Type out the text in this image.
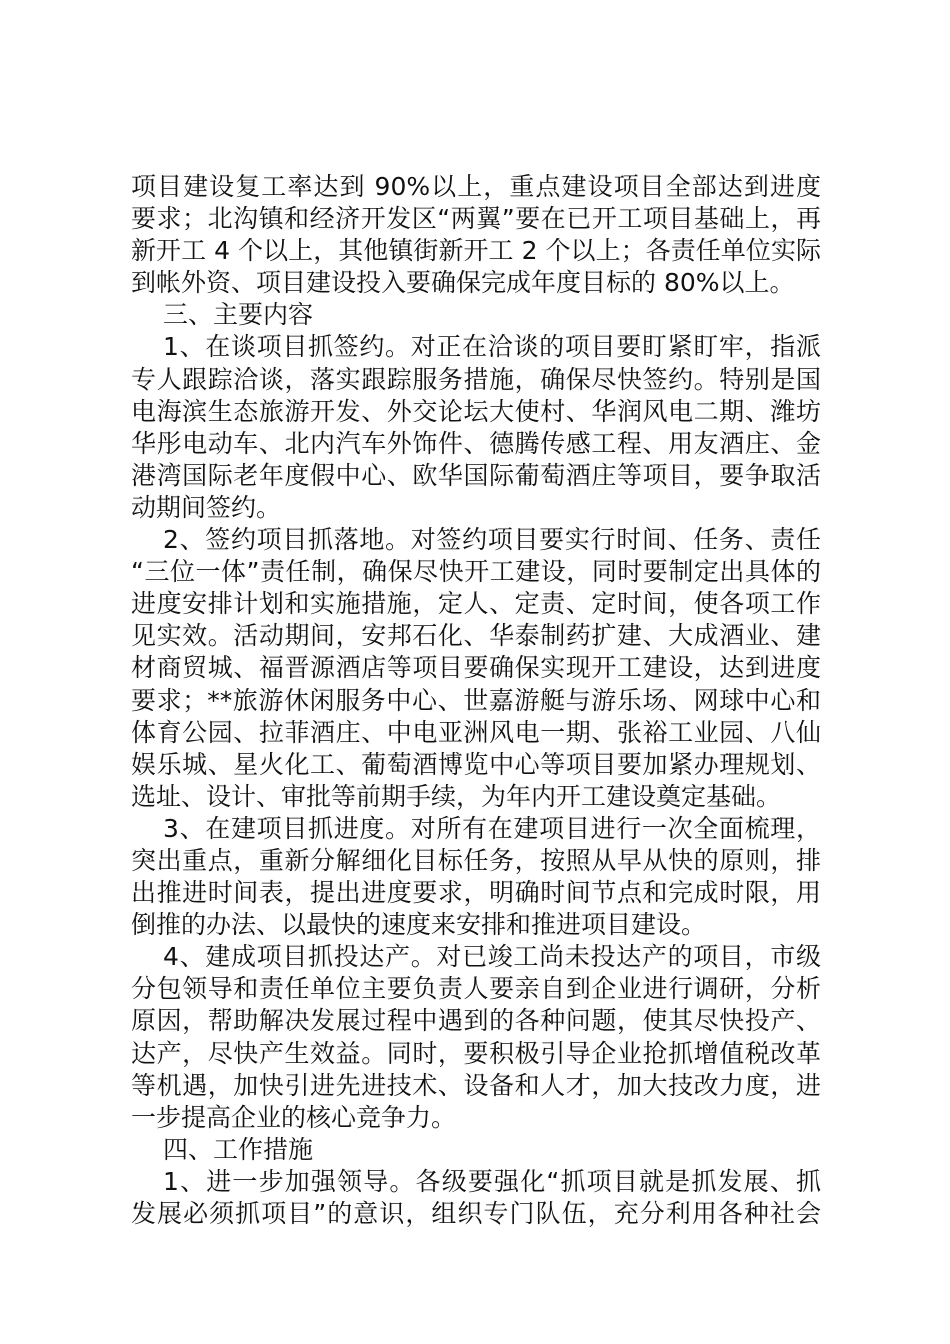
项目建设复工率达到 90%以上，重点建设项目全部达到进度
要求；北沟镇和经济开发区“两翼”要在已开工项目基础上，再
新开工 4 个以上，其他镇街新开工 2 个以上；各责任单位实际
到帐外资、项目建设投入要确保完成年度目标的 80%以上。
三、主要内容
1、在谈项目抓签约。对正在洽谈的项目要盯紧盯牢，指派
专人跟踪洽谈，落实跟踪服务措施，确保尽快签约。特别是国
电海滨生态旅游开发、外交论坛大使村、华润风电二期、潍坊
华彤电动车、北内汽车外饰件、德腾传感工程、用友酒庄、金
港湾国际老年度假中心、欧华国际葡萄酒庄等项目，要争取活
动期间签约。
2、签约项目抓落地。对签约项目要实行时间、任务、责任
“三位一体”责任制，确保尽快开工建设，同时要制定出具体的
进度安排计划和实施措施，定人、定责、定时间，使各项工作
见实效。活动期间，安邦石化、华泰制药扩建、大成酒业、建
材商贸城、福晋源酒店等项目要确保实现开工建设，达到进度
要求；**旅游休闲服务中心、世嘉游艇与游乐场、网球中心和
体育公园、拉菲酒庄、中电亚洲风电一期、张裕工业园、八仙
娱乐城、星火化工、葡萄酒博览中心等项目要加紧办理规划、
选址、设计、审批等前期手续，为年内开工建设奠定基础。
3、在建项目抓进度。对所有在建项目进行一次全面梳理，
突出重点，重新分解细化目标任务，按照从早从快的原则，排
出推进时间表，提出进度要求，明确时间节点和完成时限，用
倒推的办法、以最快的速度来安排和推进项目建设。
4、建成项目抓投达产。对已竣工尚未投达产的项目，市级
分包领导和责任单位主要负责人要亲自到企业进行调研，分析
原因，帮助解决发展过程中遇到的各种问题，使其尽快投产、
达产，尽快产生效益。同时，要积极引导企业抢抓增值税改革
等机遇，加快引进先进技术、设备和人才，加大技改力度，进
一步提高企业的核心竞争力。
四、工作措施
1、进一步加强领导。各级要强化“抓项目就是抓发展、抓
发展必须抓项目”的意识，组织专门队伍，充分利用各种社会
